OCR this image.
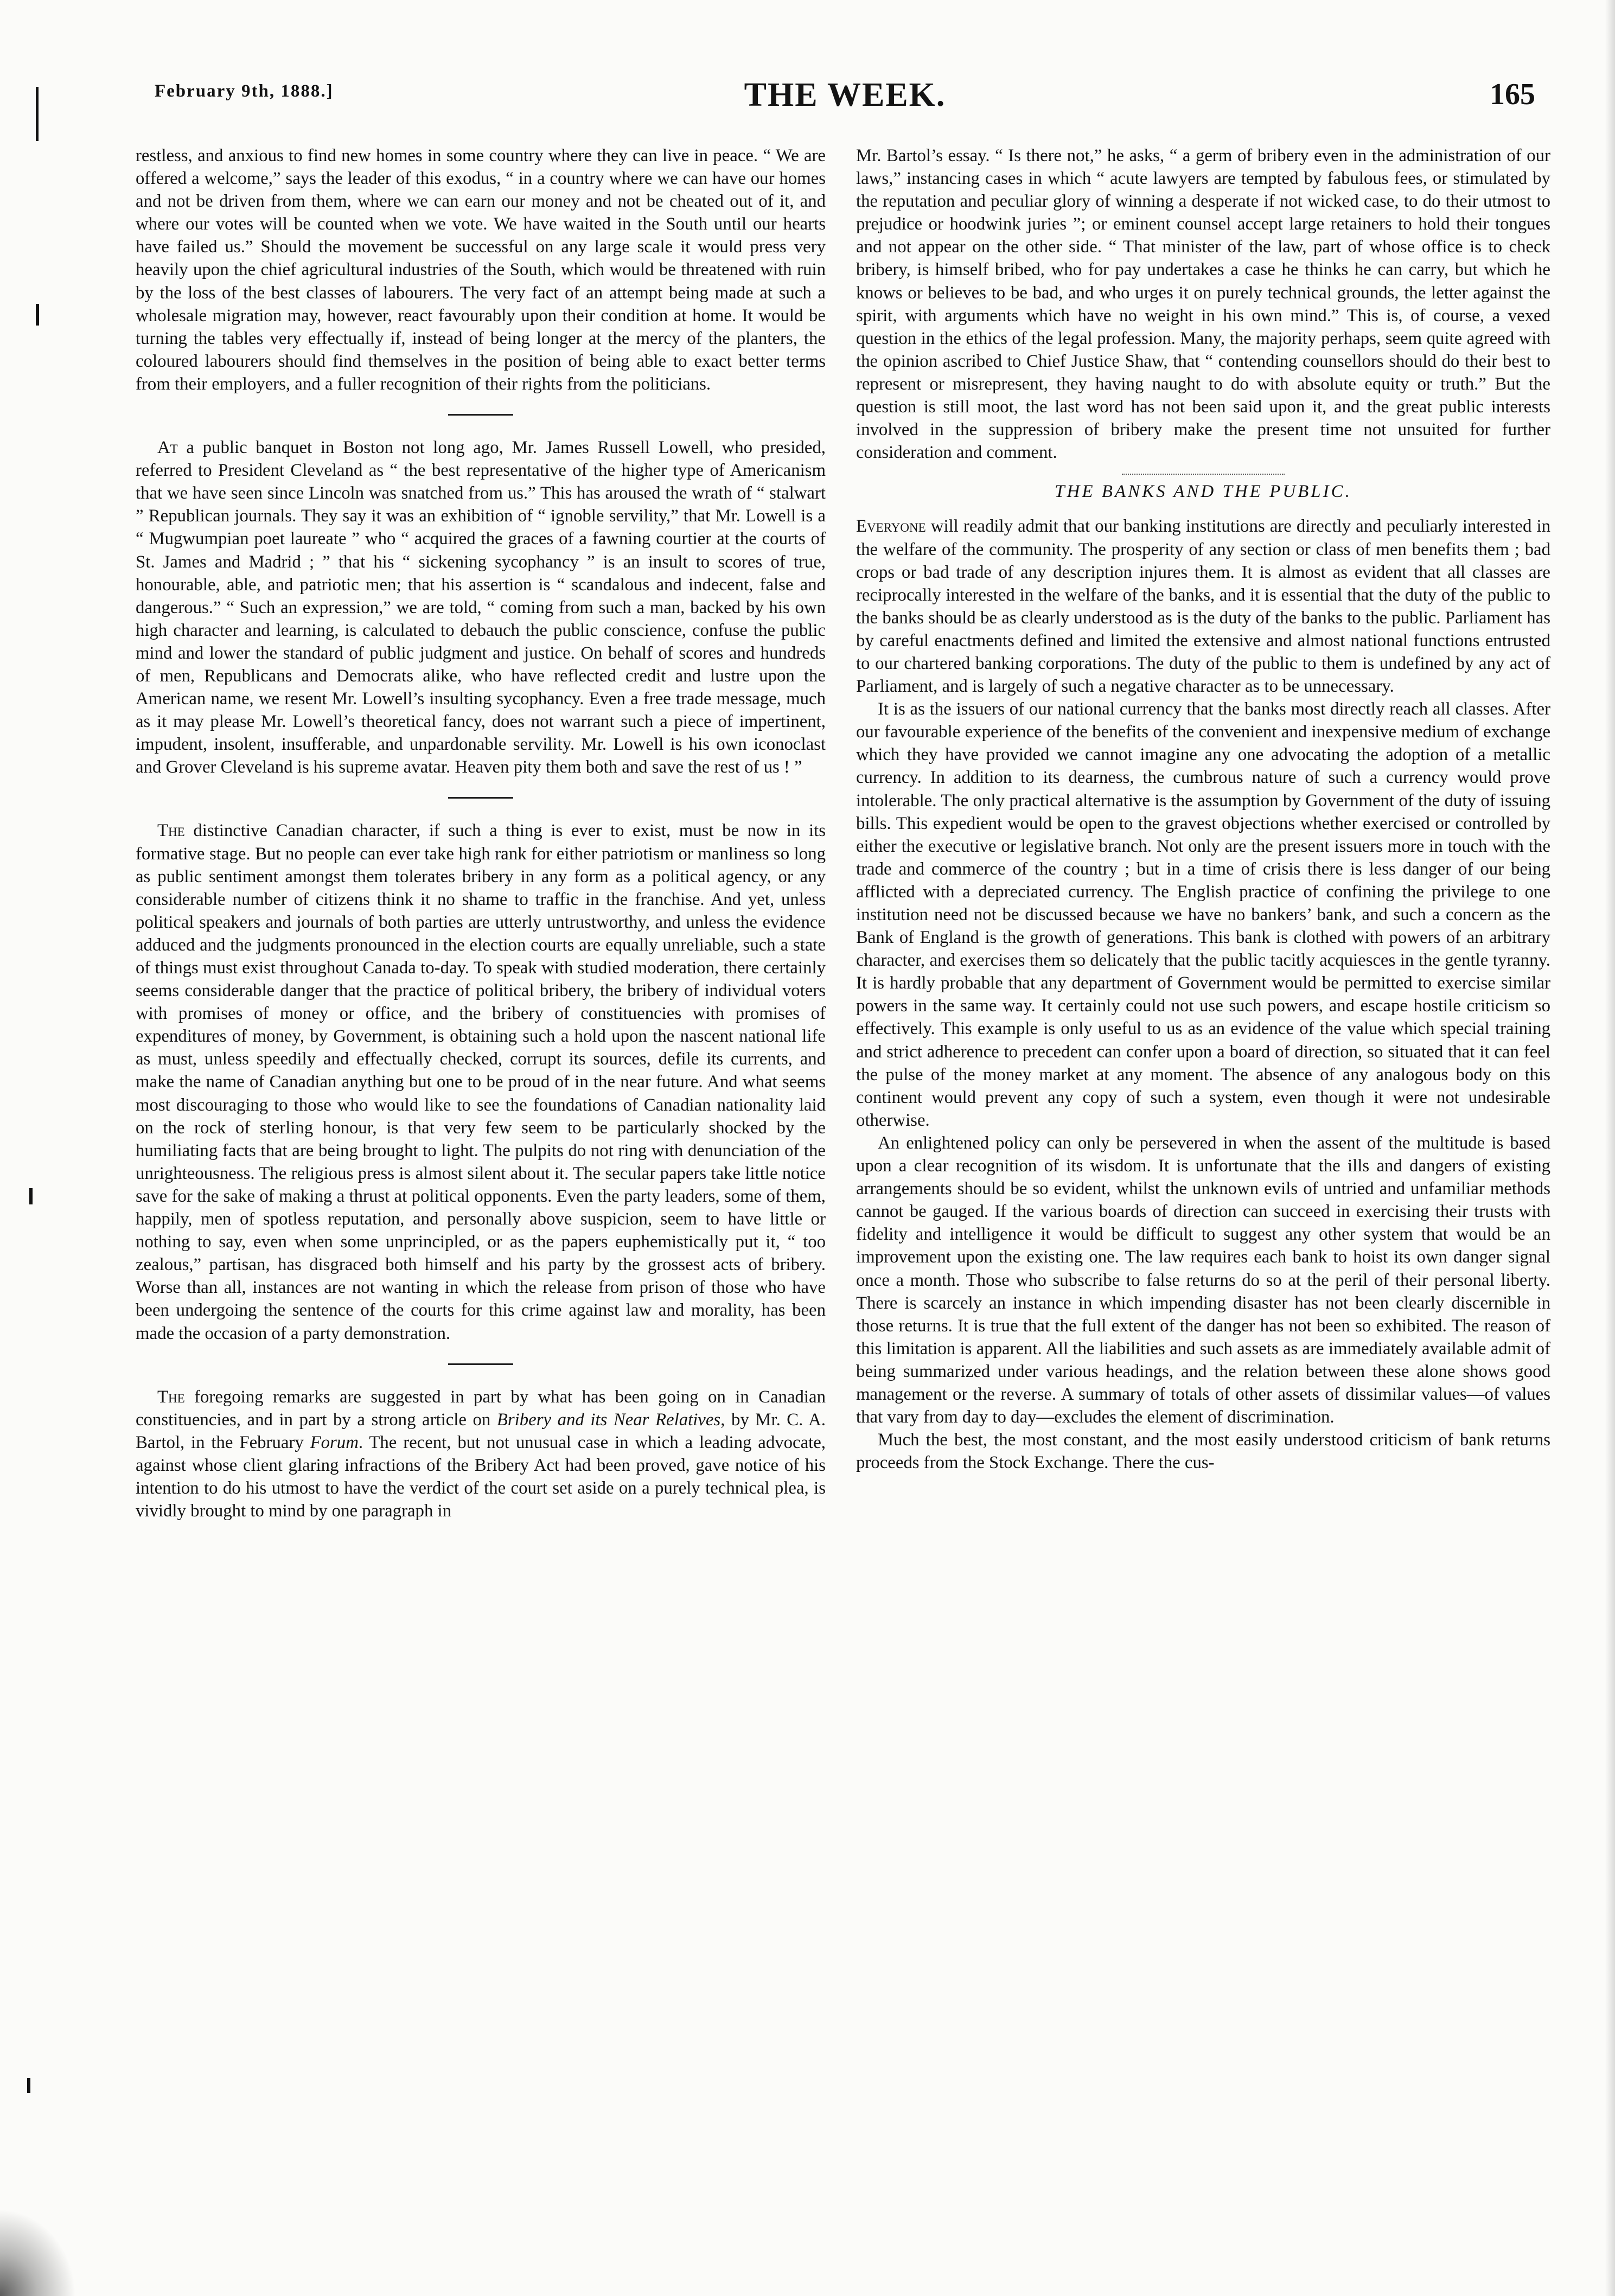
February 9th, 1888.]	THE WEEK.	165

restless, and anxious to find new homes in some country where they can live in peace. “ We are offered a welcome,” says the leader of this exodus, “ in a country where we can have our homes and not be driven from them, where we can earn our money and not be cheated out of it, and where our votes will be counted when we vote. We have waited in the South until our hearts have failed us.” Should the movement be successful on any large scale it would press very heavily upon the chief agricultural industries of the South, which would be threatened with ruin by the loss of the best classes of labourers. The very fact of an attempt being made at such a wholesale migration may, however, react favourably upon their condition at home. It would be turning the tables very effectually if, instead of being longer at the mercy of the planters, the coloured labourers should find themselves in the position of being able to exact better terms from their employers, and a fuller recognition of their rights from the politicians.

At a public banquet in Boston not long ago, Mr. James Russell Lowell, who presided, referred to President Cleveland as “ the best representative of the higher type of Americanism that we have seen since Lincoln was snatched from us.” This has aroused the wrath of “ stalwart ” Republican journals. They say it was an exhibition of “ ignoble servility,” that Mr. Lowell is a “ Mugwumpian poet laureate ” who “ acquired the graces of a fawning courtier at the courts of St. James and Madrid ; ” that his “ sickening sycophancy ” is an insult to scores of true, honourable, able, and patriotic men; that his assertion is “ scandalous and indecent, false and dangerous.” “ Such an expression,” we are told, “ coming from such a man, backed by his own high character and learning, is calculated to debauch the public conscience, confuse the public mind and lower the standard of public judgment and justice. On behalf of scores and hundreds of men, Republicans and Democrats alike, who have reflected credit and lustre upon the American name, we resent Mr. Lowell’s insulting sycophancy. Even a free trade message, much as it may please Mr. Lowell’s theoretical fancy, does not warrant such a piece of impertinent, impudent, insolent, insufferable, and unpardonable servility. Mr. Lowell is his own iconoclast and Grover Cleveland is his supreme avatar. Heaven pity them both and save the rest of us ! ”

The distinctive Canadian character, if such a thing is ever to exist, must be now in its formative stage. But no people can ever take high rank for either patriotism or manliness so long as public sentiment amongst them tolerates bribery in any form as a political agency, or any considerable number of citizens think it no shame to traffic in the franchise. And yet, unless political speakers and journals of both parties are utterly untrustworthy, and unless the evidence adduced and the judgments pronounced in the election courts are equally unreliable, such a state of things must exist throughout Canada to-day. To speak with studied moderation, there certainly seems considerable danger that the practice of political bribery, the bribery of individual voters with promises of money or office, and the bribery of constituencies with promises of expenditures of money, by Government, is obtaining such a hold upon the nascent national life as must, unless speedily and effectually checked, corrupt its sources, defile its currents, and make the name of Canadian anything but one to be proud of in the near future. And what seems most discouraging to those who would like to see the foundations of Canadian nationality laid on the rock of sterling honour, is that very few seem to be particularly shocked by the humiliating facts that are being brought to light. The pulpits do not ring with denunciation of the unrighteousness. The religious press is almost silent about it. The secular papers take little notice save for the sake of making a thrust at political opponents. Even the party leaders, some of them, happily, men of spotless reputation, and personally above suspicion, seem to have little or nothing to say, even when some unprincipled, or as the papers euphemistically put it, “ too zealous,” partisan, has disgraced both himself and his party by the grossest acts of bribery. Worse than all, instances are not wanting in which the release from prison of those who have been undergoing the sentence of the courts for this crime against law and morality, has been made the occasion of a party demonstration.

The foregoing remarks are suggested in part by what has been going on in Canadian constituencies, and in part by a strong article on Bribery and its Near Relatives, by Mr. C. A. Bartol, in the February Forum. The recent, but not unusual case in which a leading advocate, against whose client glaring infractions of the Bribery Act had been proved, gave notice of his intention to do his utmost to have the verdict of the court set aside on a purely technical plea, is vividly brought to mind by one paragraph in

Mr. Bartol’s essay. “ Is there not,” he asks, “ a germ of bribery even in the administration of our laws,” instancing cases in which “ acute lawyers are tempted by fabulous fees, or stimulated by the reputation and peculiar glory of winning a desperate if not wicked case, to do their utmost to prejudice or hoodwink juries ”; or eminent counsel accept large retainers to hold their tongues and not appear on the other side. “ That minister of the law, part of whose office is to check bribery, is himself bribed, who for pay undertakes a case he thinks he can carry, but which he knows or believes to be bad, and who urges it on purely technical grounds, the letter against the spirit, with arguments which have no weight in his own mind.” This is, of course, a vexed question in the ethics of the legal profession. Many, the majority perhaps, seem quite agreed with the opinion ascribed to Chief Justice Shaw, that “ contending counsellors should do their best to represent or misrepresent, they having naught to do with absolute equity or truth.” But the question is still moot, the last word has not been said upon it, and the great public interests involved in the suppression of bribery make the present time not unsuited for further consideration and comment.

THE BANKS AND THE PUBLIC.

Everyone will readily admit that our banking institutions are directly and peculiarly interested in the welfare of the community. The prosperity of any section or class of men benefits them ; bad crops or bad trade of any description injures them. It is almost as evident that all classes are reciprocally interested in the welfare of the banks, and it is essential that the duty of the public to the banks should be as clearly understood as is the duty of the banks to the public. Parliament has by careful enactments defined and limited the extensive and almost national functions entrusted to our chartered banking corporations. The duty of the public to them is undefined by any act of Parliament, and is largely of such a negative character as to be unnecessary.

It is as the issuers of our national currency that the banks most directly reach all classes. After our favourable experience of the benefits of the convenient and inexpensive medium of exchange which they have provided we cannot imagine any one advocating the adoption of a metallic currency. In addition to its dearness, the cumbrous nature of such a currency would prove intolerable. The only practical alternative is the assumption by Government of the duty of issuing bills. This expedient would be open to the gravest objections whether exercised or controlled by either the executive or legislative branch. Not only are the present issuers more in touch with the trade and commerce of the country ; but in a time of crisis there is less danger of our being afflicted with a depreciated currency. The English practice of confining the privilege to one institution need not be discussed because we have no bankers’ bank, and such a concern as the Bank of England is the growth of generations. This bank is clothed with powers of an arbitrary character, and exercises them so delicately that the public tacitly acquiesces in the gentle tyranny. It is hardly probable that any department of Government would be permitted to exercise similar powers in the same way. It certainly could not use such powers, and escape hostile criticism so effectively. This example is only useful to us as an evidence of the value which special training and strict adherence to precedent can confer upon a board of direction, so situated that it can feel the pulse of the money market at any moment. The absence of any analogous body on this continent would prevent any copy of such a system, even though it were not undesirable otherwise.

An enlightened policy can only be persevered in when the assent of the multitude is based upon a clear recognition of its wisdom. It is unfortunate that the ills and dangers of existing arrangements should be so evident, whilst the unknown evils of untried and unfamiliar methods cannot be gauged. If the various boards of direction can succeed in exercising their trusts with fidelity and intelligence it would be difficult to suggest any other system that would be an improvement upon the existing one. The law requires each bank to hoist its own danger signal once a month. Those who subscribe to false returns do so at the peril of their personal liberty. There is scarcely an instance in which impending disaster has not been clearly discernible in those returns. It is true that the full extent of the danger has not been so exhibited. The reason of this limitation is apparent. All the liabilities and such assets as are immediately available admit of being summarized under various headings, and the relation between these alone shows good management or the reverse. A summary of totals of other assets of dissimilar values—of values that vary from day to day—excludes the element of discrimination.

Much the best, the most constant, and the most easily understood criticism of bank returns proceeds from the Stock Exchange. There the cus-
